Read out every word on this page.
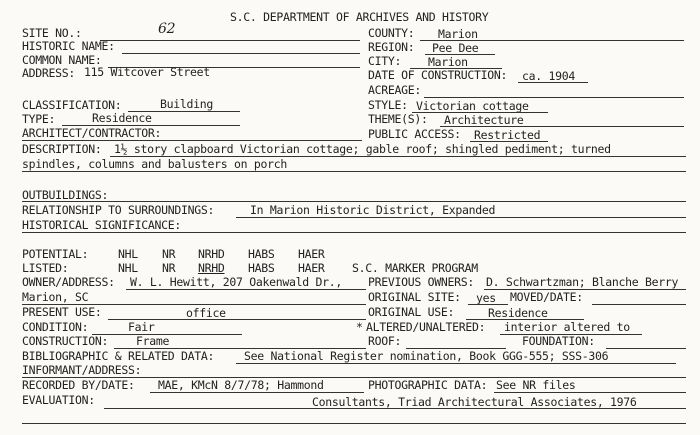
S.C. DEPARTMENT OF ARCHIVES AND HISTORY
SITE NO.:	62
HISTORIC NAME:
COMMON NAME:
ADDRESS: 115 Witcover Street
CLASSIFICATION:	Building
TYPE:	Residence
ARCHITECT/CONTRACTOR:
COUNTY: Marion
REGION: Pee Dee
CITY: Marion
DATE OF CONSTRUCTION: ca. 1904
ACREAGE:
STYLE: Victorian cottage
THEME(S): Architecture
PUBLIC ACCESS: Restricted
DESCRIPTION: 1½ story clapboard Victorian cottage; gable roof; shingled pediment; turned
spindles, columns and balusters on porch
OUTBUILDINGS:
RELATIONSHIP TO SURROUNDINGS:	In Marion Historic District, Expanded
HISTORICAL SIGNIFICANCE:
POTENTIAL:	NHL NR NRHD HABS HAER
LISTED:	NHL NR NRHD HABS HAER S.C. MARKER PROGRAM
OWNER/ADDRESS: W. L. Hewitt, 207 Oakenwald Dr., PREVIOUS OWNERS: D. Schwartzman; Blanche Berry
Marion, SC	ORIGINAL SITE: yes MOVED/DATE:
PRESENT USE:	office	ORIGINAL USE:	Residence
CONDITION:	Fair	* ALTERED/UNALTERED: interior altered to
CONSTRUCTION: Frame	ROOF:	FOUNDATION:
BIBLIOGRAPHIC & RELATED DATA:	See National Register nomination, Book GGG-555; SSS-306
INFORMANT/ADDRESS:
RECORDED BY/DATE: MAE, KMcN 8/7/78; Hammond	PHOTOGRAPHIC DATA: See NR files
EVALUATION:	Consultants, Triad Architectural Associates, 1976
